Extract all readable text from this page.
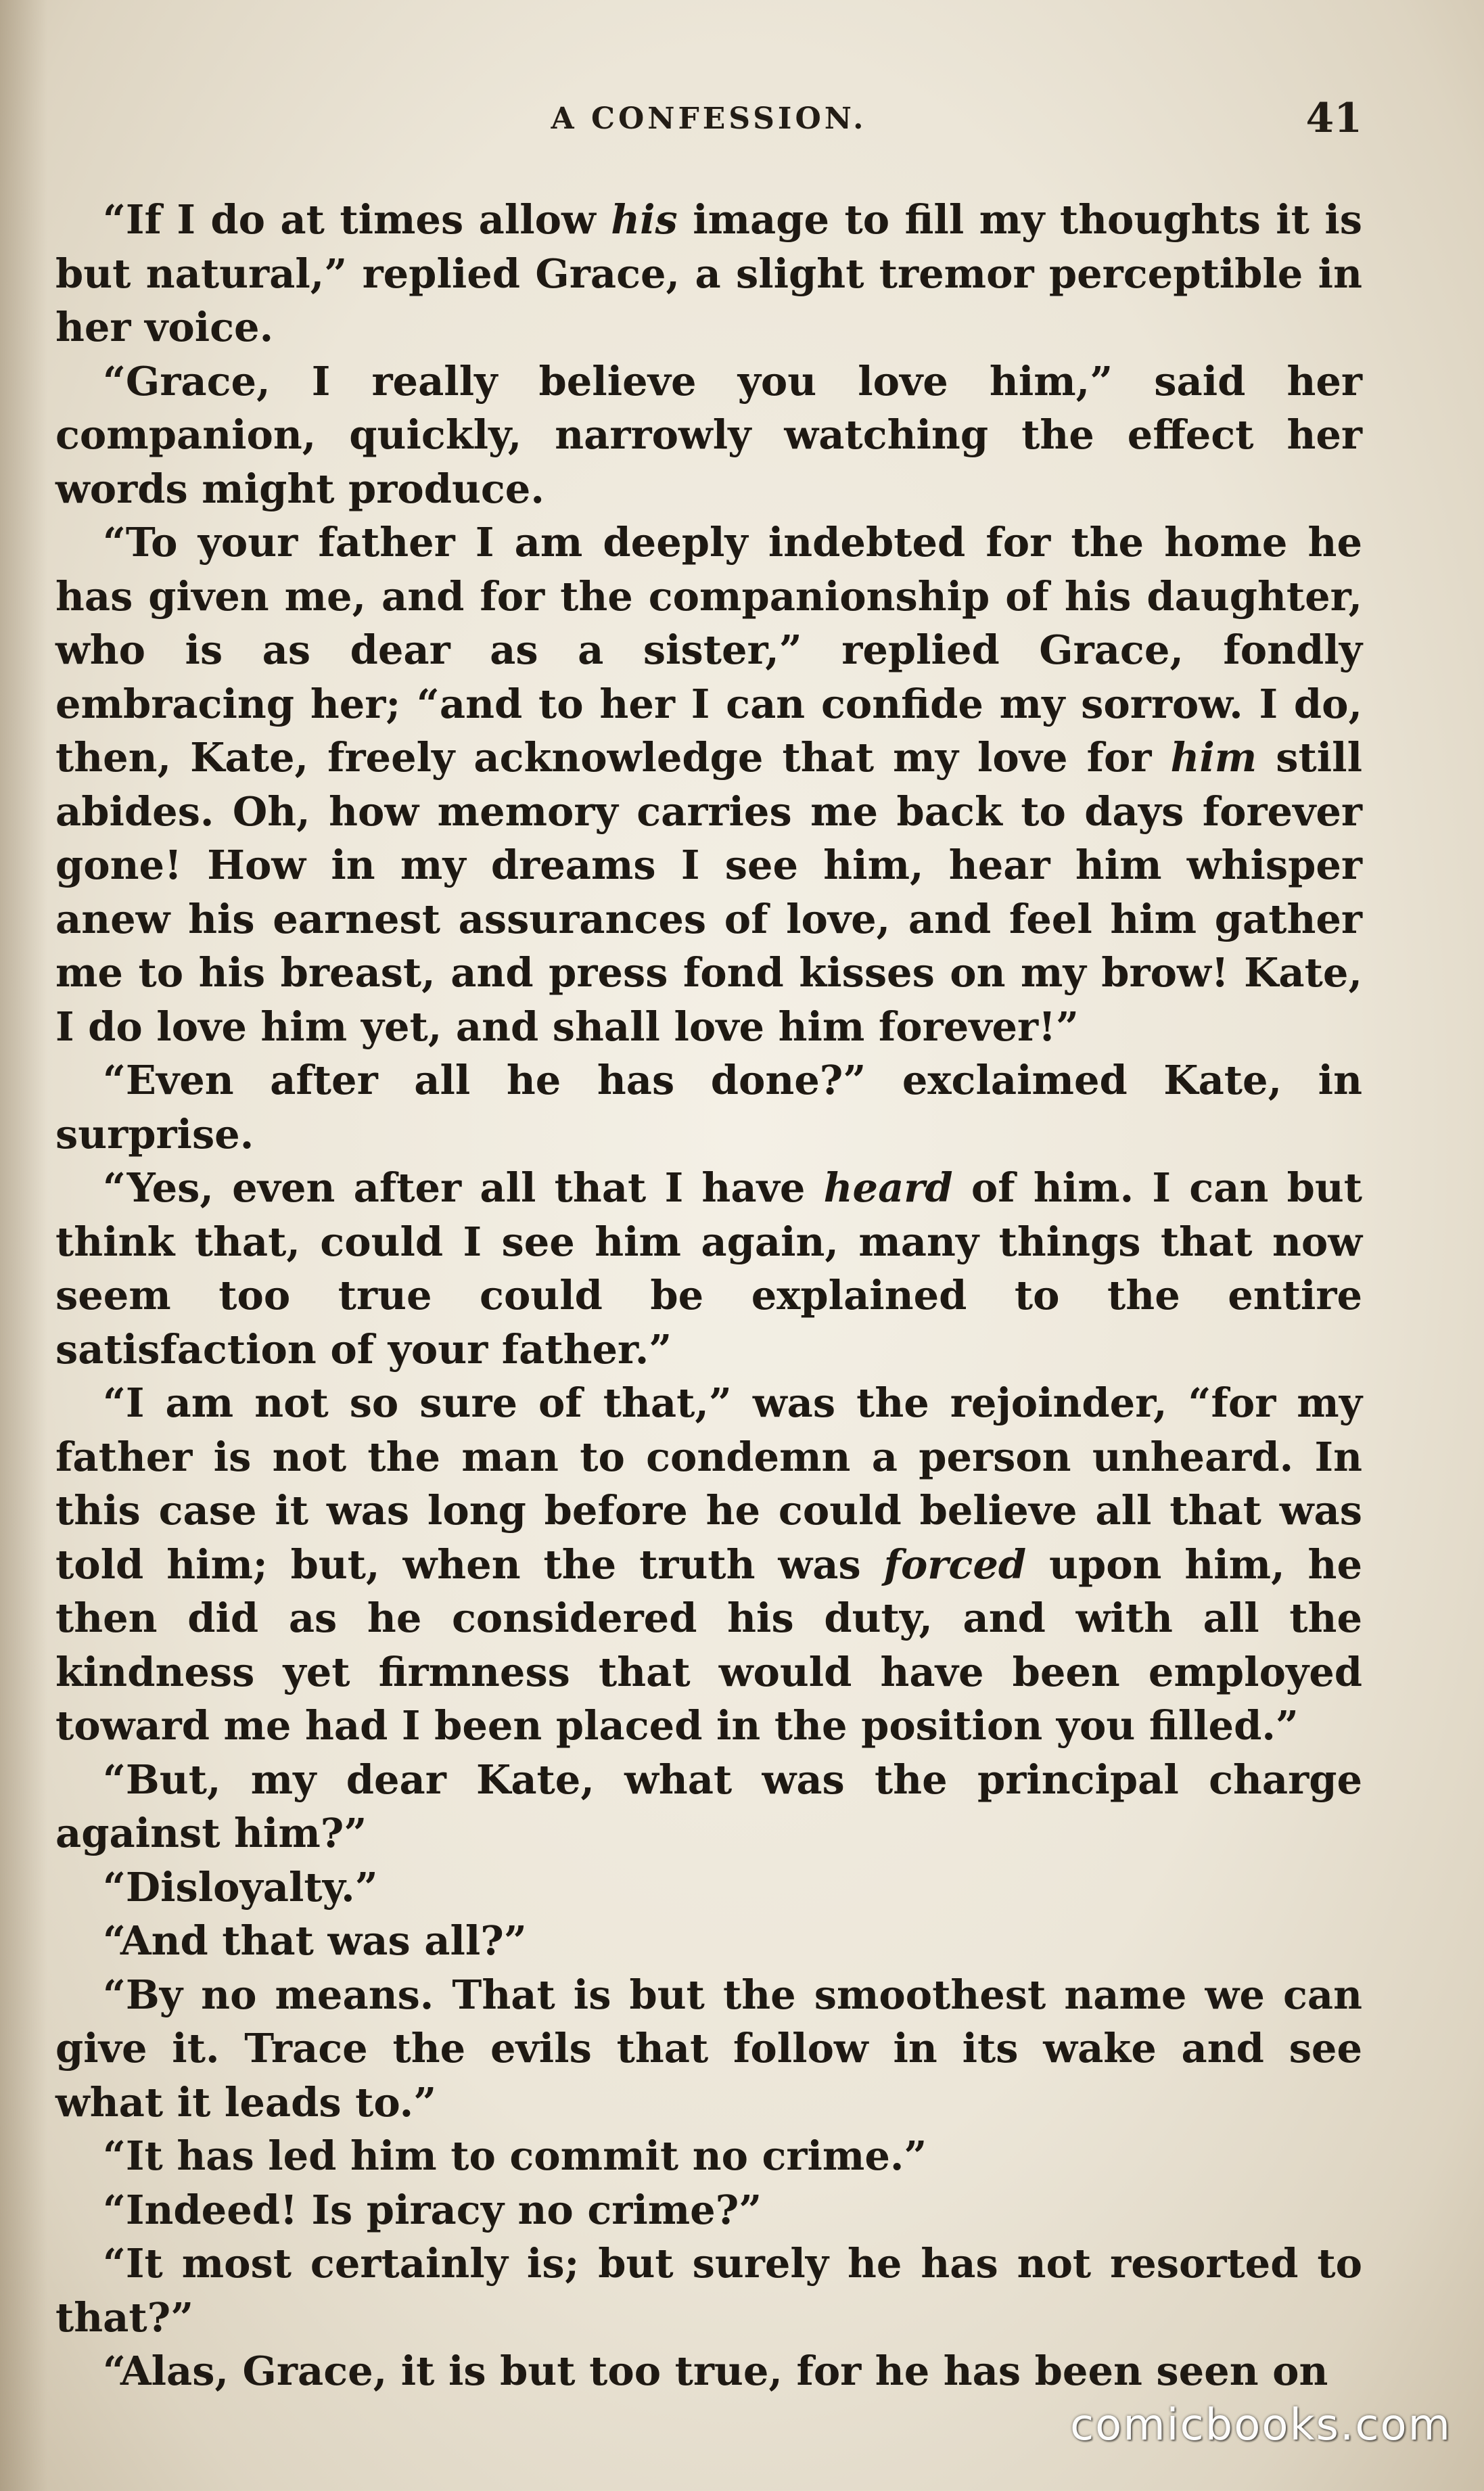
A CONFESSION.	41

“If I do at times allow his image to fill my thoughts it is but natural,” replied Grace, a slight tremor perceptible in her voice.

“Grace, I really believe you love him,” said her companion, quickly, narrowly watching the effect her words might produce.

“To your father I am deeply indebted for the home he has given me, and for the companionship of his daughter, who is as dear as a sister,” replied Grace, fondly embracing her; “and to her I can confide my sorrow. I do, then, Kate, freely acknowledge that my love for him still abides. Oh, how memory carries me back to days forever gone! How in my dreams I see him, hear him whisper anew his earnest assurances of love, and feel him gather me to his breast, and press fond kisses on my brow! Kate, I do love him yet, and shall love him forever!”

“Even after all he has done?” exclaimed Kate, in surprise.

“Yes, even after all that I have heard of him. I can but think that, could I see him again, many things that now seem too true could be explained to the entire satisfaction of your father.”

“I am not so sure of that,” was the rejoinder, “for my father is not the man to condemn a person unheard. In this case it was long before he could believe all that was told him; but, when the truth was forced upon him, he then did as he considered his duty, and with all the kindness yet firmness that would have been employed toward me had I been placed in the position you filled.”

“But, my dear Kate, what was the principal charge against him?”

“Disloyalty.”

“And that was all?”

“By no means. That is but the smoothest name we can give it. Trace the evils that follow in its wake and see what it leads to.”

“It has led him to commit no crime.”

“Indeed! Is piracy no crime?”

“It most certainly is; but surely he has not resorted to that?”

“Alas, Grace, it is but too true, for he has been seen on

comicbooks.com
